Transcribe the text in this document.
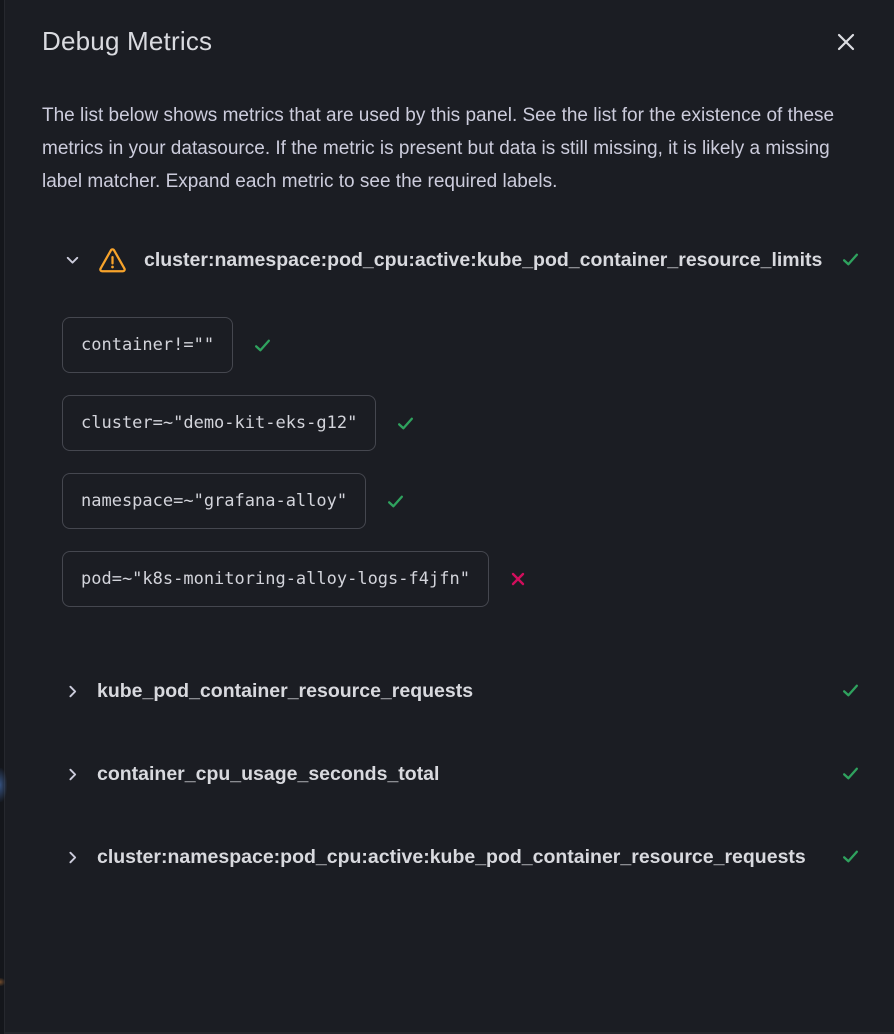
Debug Metrics

The list below shows metrics that are used by this panel. See the list for the existence of these metrics in your datasource. If the metric is present but data is still missing, it is likely a missing label matcher. Expand each metric to see the required labels.

cluster:namespace:pod_cpu:active:kube_pod_container_resource_limits
container!=""
cluster=~"demo-kit-eks-g12"
namespace=~"grafana-alloy"
pod=~"k8s-monitoring-alloy-logs-f4jfn"
kube_pod_container_resource_requests
container_cpu_usage_seconds_total
cluster:namespace:pod_cpu:active:kube_pod_container_resource_requests
